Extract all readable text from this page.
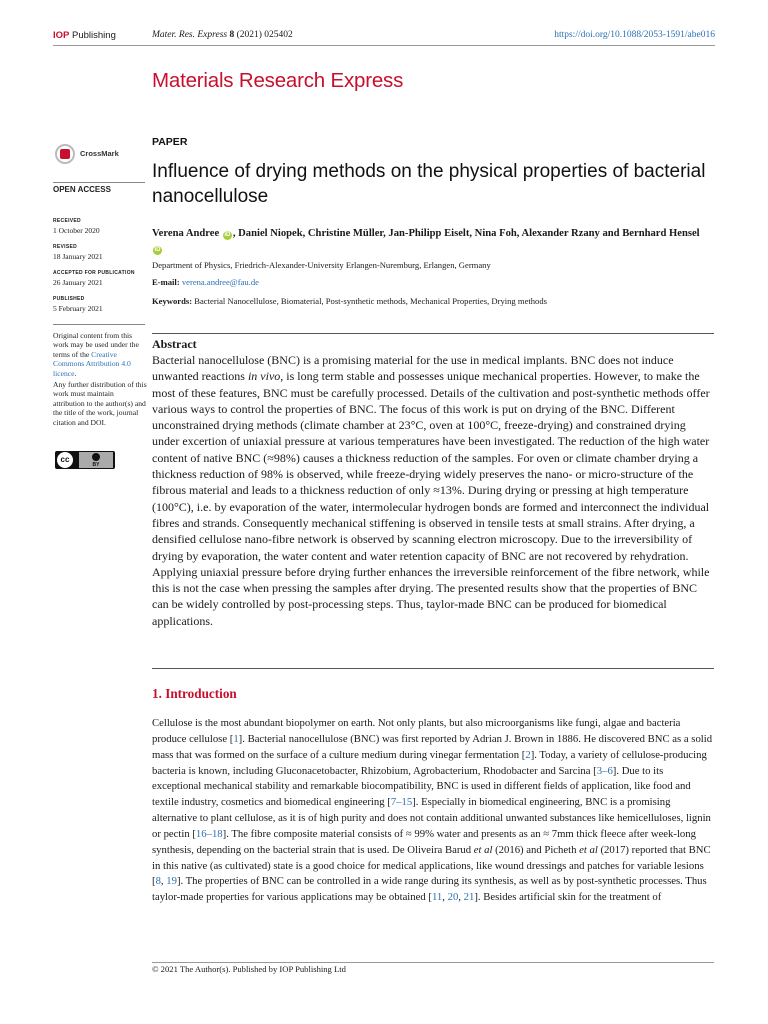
IOP Publishing	Mater. Res. Express 8 (2021) 025402	https://doi.org/10.1088/2053-1591/abe016
Materials Research Express
CrossMark
OPEN ACCESS
RECEIVED
1 October 2020
REVISED
18 January 2021
ACCEPTED FOR PUBLICATION
26 January 2021
PUBLISHED
5 February 2021
Original content from this work may be used under the terms of the Creative Commons Attribution 4.0 licence.
Any further distribution of this work must maintain attribution to the author(s) and the title of the work, journal citation and DOI.
cc
BY
PAPER
Influence of drying methods on the physical properties of bacterial nanocellulose
Verena Andree iD , Daniel Niopek, Christine Müller, Jan-Philipp Eiselt, Nina Foh, Alexander Rzany and Bernhard Hensel iD
Department of Physics, Friedrich-Alexander-University Erlangen-Nuremburg, Erlangen, Germany
E-mail: verena.andree@fau.de
Keywords: Bacterial Nanocellulose, Biomaterial, Post-synthetic methods, Mechanical Properties, Drying methods
Abstract
Bacterial nanocellulose (BNC) is a promising material for the use in medical implants. BNC does not induce unwanted reactions in vivo, is long term stable and possesses unique mechanical properties. However, to make the most of these features, BNC must be carefully processed. Details of the cultivation and post-synthetic methods offer various ways to control the properties of BNC. The focus of this work is put on drying of the BNC. Different unconstrained drying methods (climate chamber at 23°C, oven at 100°C, freeze-drying) and constrained drying under excertion of uniaxial pressure at various temperatures have been investigated. The reduction of the high water content of native BNC (≈98%) causes a thickness reduction of the samples. For oven or climate chamber drying a thickness reduction of 98% is observed, while freeze-drying widely preserves the nano- or micro-structure of the fibrous material and leads to a thickness reduction of only ≈13%. During drying or pressing at high temperature (100°C), i.e. by evaporation of the water, intermolecular hydrogen bonds are formed and interconnect the individual fibres and strands. Consequently mechanical stiffening is observed in tensile tests at small strains. After drying, a densified cellulose nano-fibre network is observed by scanning electron microscopy. Due to the irreversibility of drying by evaporation, the water content and water retention capacity of BNC are not recovered by rehydration. Applying uniaxial pressure before drying further enhances the irreversible reinforcement of the fibre network, while this is not the case when pressing the samples after drying. The presented results show that the properties of BNC can be widely controlled by post-processing steps. Thus, taylor-made BNC can be produced for biomedical applications.
1. Introduction
Cellulose is the most abundant biopolymer on earth. Not only plants, but also microorganisms like fungi, algae and bacteria produce cellulose [1]. Bacterial nanocellulose (BNC) was first reported by Adrian J. Brown in 1886. He discovered BNC as a solid mass that was formed on the surface of a culture medium during vinegar fermentation [2]. Today, a variety of cellulose-producing bacteria is known, including Gluconacetobacter, Rhizobium, Agrobacterium, Rhodobacter and Sarcina [3–6]. Due to its exceptional mechanical stability and remarkable biocompatibility, BNC is used in different fields of application, like food and textile industry, cosmetics and biomedical engineering [7–15]. Especially in biomedical engineering, BNC is a promising alternative to plant cellulose, as it is of high purity and does not contain additional unwanted substances like hemicelluloses, lignin or pectin [16–18]. The fibre composite material consists of ≈ 99% water and presents as an ≈ 7mm thick fleece after week-long synthesis, depending on the bacterial strain that is used. De Oliveira Barud et al (2016) and Picheth et al (2017) reported that BNC in this native (as cultivated) state is a good choice for medical applications, like wound dressings and patches for variable lesions [8, 19]. The properties of BNC can be controlled in a wide range during its synthesis, as well as by post-synthetic processes. Thus taylor-made properties for various applications may be obtained [11, 20, 21]. Besides artificial skin for the treatment of
© 2021 The Author(s). Published by IOP Publishing Ltd
